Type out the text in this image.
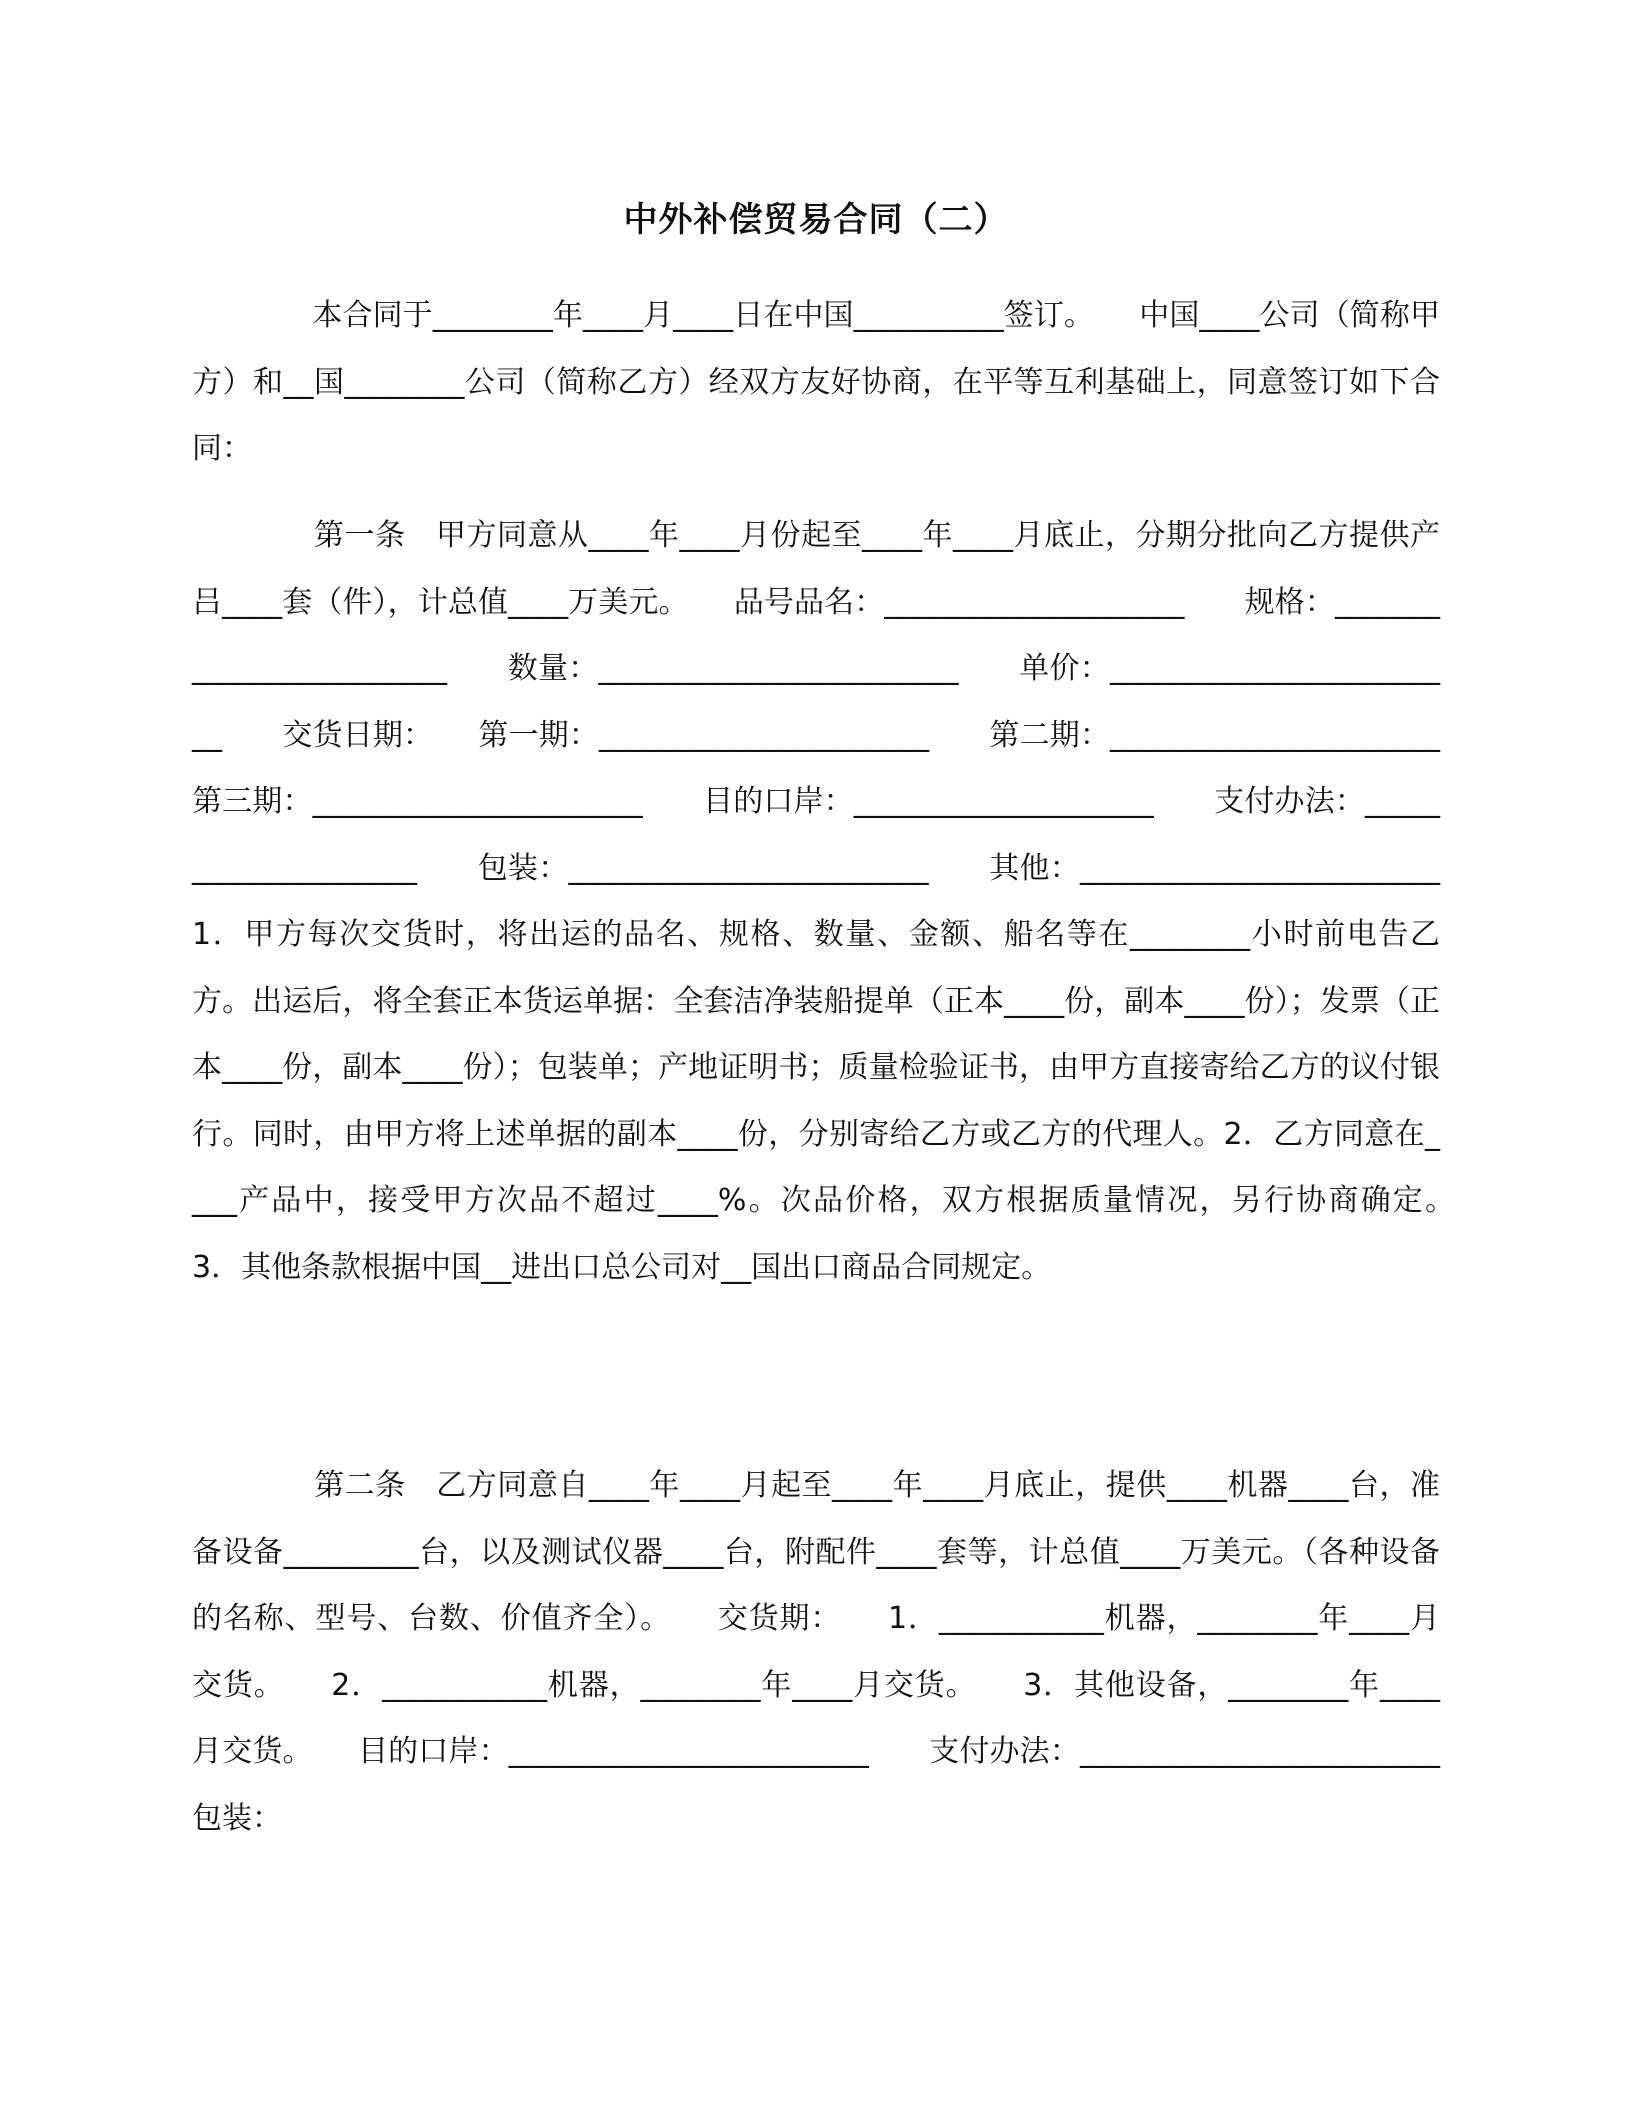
中外补偿贸易合同（二）

　　　　本合同于________年____月____日在中国__________签订。　　中国____公司（简称甲方）和__国________公司（简称乙方）经双方友好协商，在平等互利基础上，同意签订如下合同：

　　　　第一条　甲方同意从____年____月份起至____年____月底止，分期分批向乙方提供产吕____套（件），计总值____万美元。　　品号品名：____________________　　规格：________________________　　数量：________________________　　单价：________________________　　交货日期：　　第一期：______________________　　第二期：______________________　　第三期：______________________　　目的口岸：____________________　　支付办法：____________________　　包装：________________________　　其他：________________________　　1．甲方每次交货时，将出运的品名、规格、数量、金额、船名等在________小时前电告乙方。出运后，将全套正本货运单据：全套洁净装船提单（正本____份，副本____份）；发票（正本____份，副本____份）；包装单；产地证明书；质量检验证书，由甲方直接寄给乙方的议付银行。同时，由甲方将上述单据的副本____份，分别寄给乙方或乙方的代理人。2．乙方同意在____产品中，接受甲方次品不超过____%。次品价格，双方根据质量情况，另行协商确定。　　3．其他条款根据中国__进出口总公司对__国出口商品合同规定。

　　　　第二条　乙方同意自____年____月起至____年____月底止，提供____机器____台，准备设备_________台，以及测试仪器____台，附配件____套等，计总值____万美元。（各种设备的名称、型号、台数、价值齐全）。　　交货期：　　1．___________机器，________年____月交货。　　2．___________机器，________年____月交货。　　3．其他设备，________年____月交货。　　目的口岸：________________________　　支付办法：________________________　　包装：
